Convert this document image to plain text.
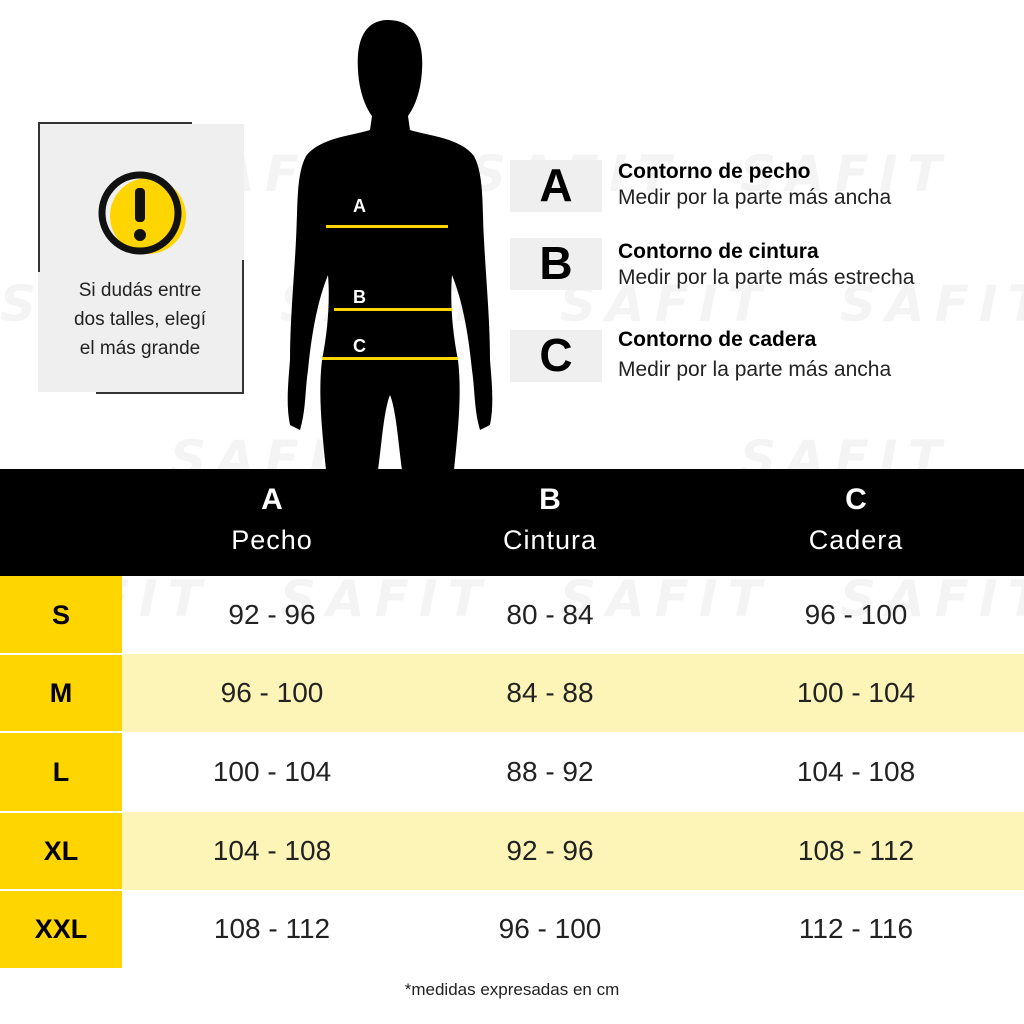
Si dudás entre
dos talles, elegí
el más grande
A
B
C
A	Contorno de pecho
Medir por la parte más ancha
B	Contorno de cintura
Medir por la parte más estrecha
C	Contorno de cadera
Medir por la parte más ancha
A
Pecho
B
Cintura
C
Cadera
S	92 - 96	80 - 84	96 - 100
M	96 - 100	84 - 88	100 - 104
L	100 - 104	88 - 92	104 - 108
XL	104 - 108	92 - 96	108 - 112
XXL	108 - 112	96 - 100	112 - 116
*medidas expresadas en cm
